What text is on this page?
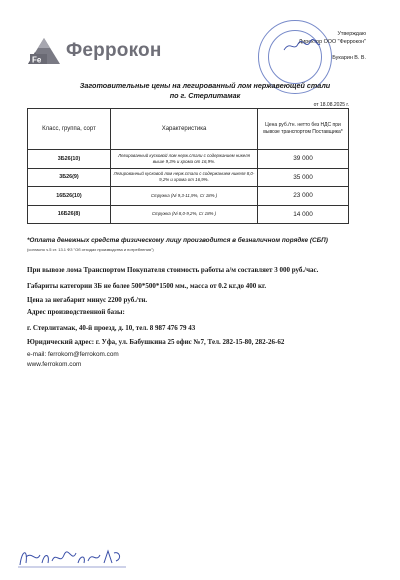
Fe Феррокон
Утверждаю
Директор ООО "Феррокон"

Букарин В. В.
Заготовительные цены на легированный лом нержавеющей стали
по г. Стерлитамак
от 18.08.2025 г.
Класс, группа, сорт	Характеристика	Цена руб./тн. нетто без НДС при вывозе транспортом Поставщика*
3Б26(10)	Легированный кусковой лом нерж.стали с содержанием никеля выше 9,3% и хрома от 16,9%.	39 000
3Б26(9)	Легированный кусковой лом нерж.стали с содержанием никеля 8,0-9,2% и хрома от 16,9%.	35 000
16Б26(10)	Стружка (Ni 9,3-11,9%, Cr 18% )	23 000
16Б26(8)	Стружка (Ni 8,0-9,2%, Cr 18% )	14 000
*Оплата денежных средств физическому лицу производится в безналичном порядке (СБП)
(согласно ч.5 ст. 13.1 ФЗ "Об отходах производства и потребления")
При вывозе лома Транспортом Покупателя стоимость работы а/м составляет 3 000 руб./час.
Габариты категории 3Б не более 500*500*1500 мм., масса от 0.2 кг.до 400 кг.
Цена за негабарит минус 2200 руб./тн.
Адрес производственной базы:
г. Стерлитамак, 40-й проезд, д. 10, тел. 8 987 476 79 43
Юридический адрес: г. Уфа, ул. Бабушкина 25 офис №7, Тел. 282-15-80, 282-26-62
e-mail: ferrokom@ferrokom.com
www.ferrokom.com
